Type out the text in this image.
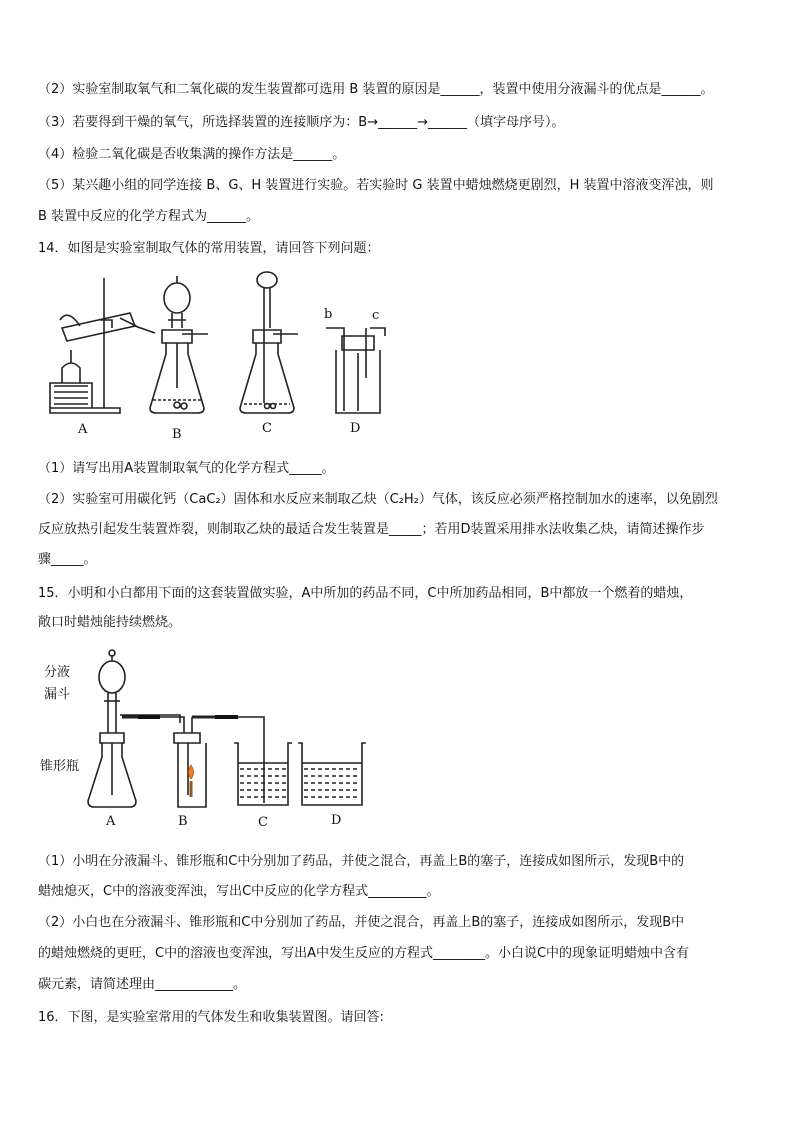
（2）实验室制取氧气和二氧化碳的发生装置都可选用 B 装置的原因是______，装置中使用分液漏斗的优点是______。
（3）若要得到干燥的氧气，所选择装置的连接顺序为：B→______→______（填字母序号）。
（4）检验二氧化碳是否收集满的操作方法是______。
（5）某兴趣小组的同学连接 B、G、H 装置进行实验。若实验时 G 装置中蜡烛燃烧更剧烈，H 装置中溶液变浑浊，则
B 装置中反应的化学方程式为______。
14．如图是实验室制取气体的常用装置，请回答下列问题：
A	B	C	D
b	c
（1）请写出用A装置制取氧气的化学方程式_____。
（2）实验室可用碳化钙（CaC₂）固体和水反应来制取乙炔（C₂H₂）气体，该反应必须严格控制加水的速率，以免剧烈
反应放热引起发生装置炸裂，则制取乙炔的最适合发生装置是_____；若用D装置采用排水法收集乙炔，请简述操作步
骤_____。
15．小明和小白都用下面的这套装置做实验，A中所加的药品不同，C中所加药品相同，B中都放一个燃着的蜡烛，
敞口时蜡烛能持续燃烧。
分液
漏斗
锥形瓶
A	B	C	D
（1）小明在分液漏斗、锥形瓶和C中分别加了药品，并使之混合，再盖上B的塞子，连接成如图所示，发现B中的
蜡烛熄灭，C中的溶液变浑浊，写出C中反应的化学方程式_________。
（2）小白也在分液漏斗、锥形瓶和C中分别加了药品，并使之混合，再盖上B的塞子，连接成如图所示，发现B中
的蜡烛燃烧的更旺，C中的溶液也变浑浊，写出A中发生反应的方程式________。小白说C中的现象证明蜡烛中含有
碳元素，请简述理由____________。
16．下图，是实验室常用的气体发生和收集装置图。请回答:
